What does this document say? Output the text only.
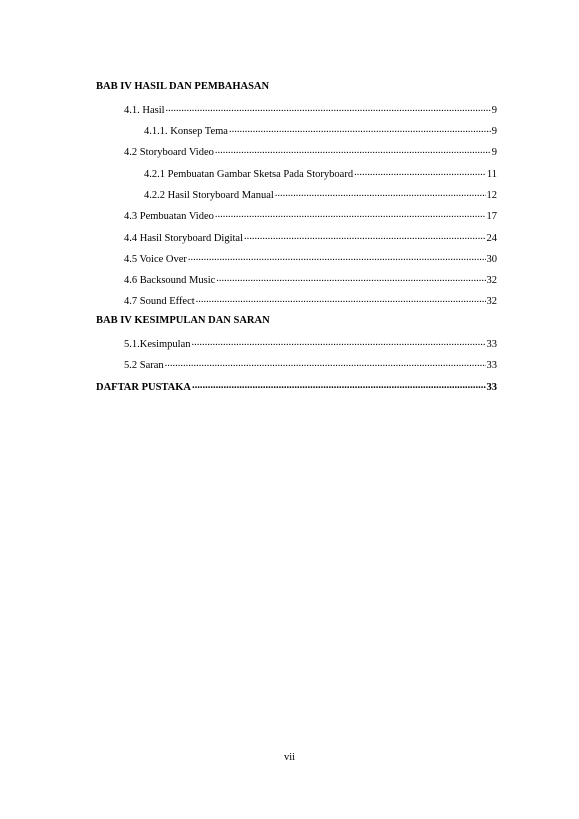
BAB IV HASIL DAN PEMBAHASAN
4.1. Hasil .....	9
4.1.1. Konsep Tema .....	9
4.2 Storyboard Video .....	9
4.2.1 Pembuatan Gambar Sketsa Pada Storyboard .....	11
4.2.2 Hasil Storyboard Manual .....	12
4.3 Pembuatan Video .....	17
4.4 Hasil Storyboard Digital .....	24
4.5 Voice Over .....	30
4.6 Backsound Music .....	32
4.7 Sound Effect .....	32
BAB IV KESIMPULAN DAN SARAN
5.1.Kesimpulan .....	33
5.2 Saran .....	33
DAFTAR PUSTAKA .....	33
vii
